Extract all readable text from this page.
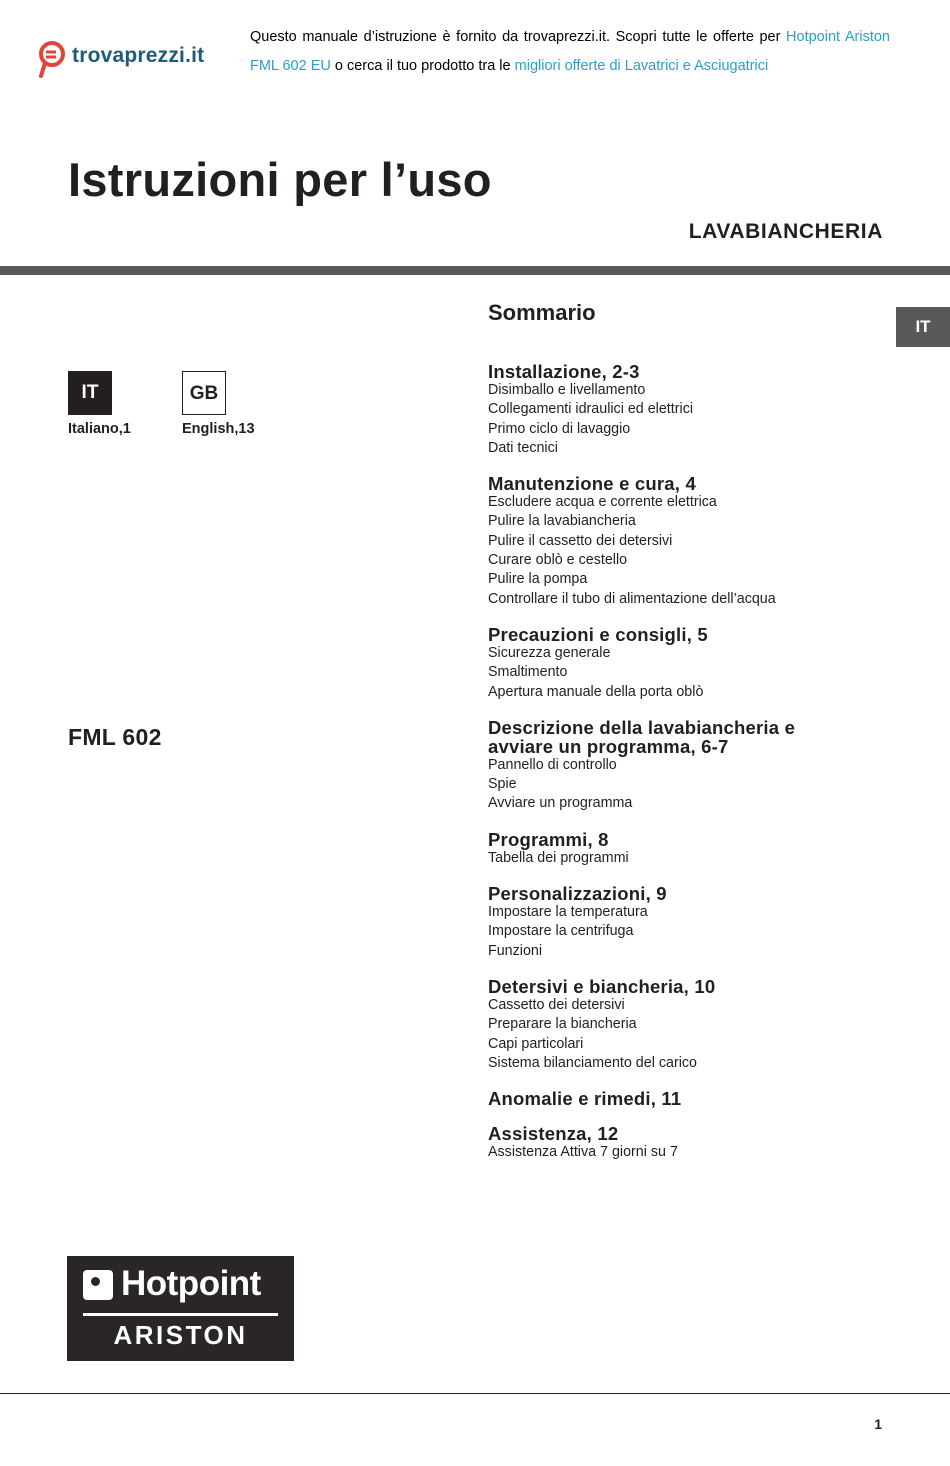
trovaprezzi.it
Questo manuale d’istruzione è fornito da trovaprezzi.it. Scopri tutte le offerte per Hotpoint Ariston
FML 602 EU o cerca il tuo prodotto tra le migliori offerte di Lavatrici e Asciugatrici
Istruzioni per l’uso
LAVABIANCHERIA
IT
IT
Italiano,1
GB
English,13
FML 602
Sommario
Installazione, 2-3
Disimballo e livellamento
Collegamenti idraulici ed elettrici
Primo ciclo di lavaggio
Dati tecnici
Manutenzione e cura, 4
Escludere acqua e corrente elettrica
Pulire la lavabiancheria
Pulire il cassetto dei detersivi
Curare oblò e cestello
Pulire la pompa
Controllare il tubo di alimentazione dell’acqua
Precauzioni e consigli, 5
Sicurezza generale
Smaltimento
Apertura manuale della porta oblò
Descrizione della lavabiancheria e avviare un programma, 6-7
Pannello di controllo
Spie
Avviare un programma
Programmi, 8
Tabella dei programmi
Personalizzazioni, 9
Impostare la temperatura
Impostare la centrifuga
Funzioni
Detersivi e biancheria, 10
Cassetto dei detersivi
Preparare la biancheria
Capi particolari
Sistema bilanciamento del carico
Anomalie e rimedi, 11
Assistenza, 12
Assistenza Attiva 7 giorni su 7
Hotpoint
ARISTON
1
